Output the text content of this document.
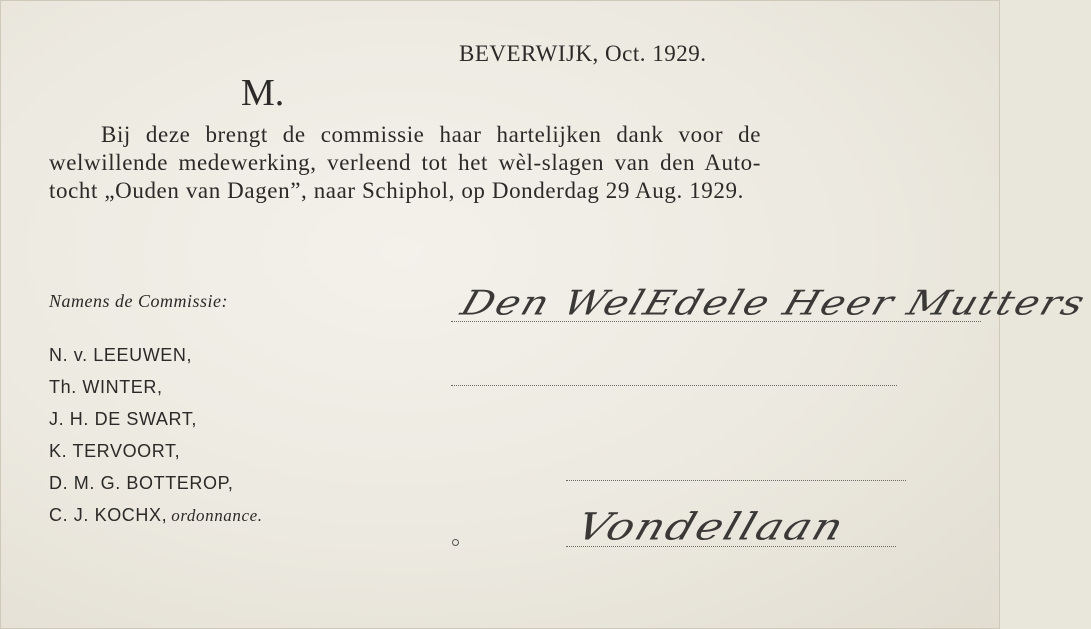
BEVERWIJK, Oct. 1929.
M.
Bij deze brengt de commissie haar hartelijken dank voor de welwillende medewerking, verleend tot het wèl-slagen van den Auto-tocht „Ouden van Dagen”, naar Schiphol, op Donderdag 29 Aug. 1929.
Namens de Commissie:
N. v. LEEUWEN,
Th. WINTER,
J. H. DE SWART,
K. TERVOORT,
D. M. G. BOTTEROP,
C. J. KOCHX, ordonnance.
Den WelEdele Heer Mutters
Vondellaan
